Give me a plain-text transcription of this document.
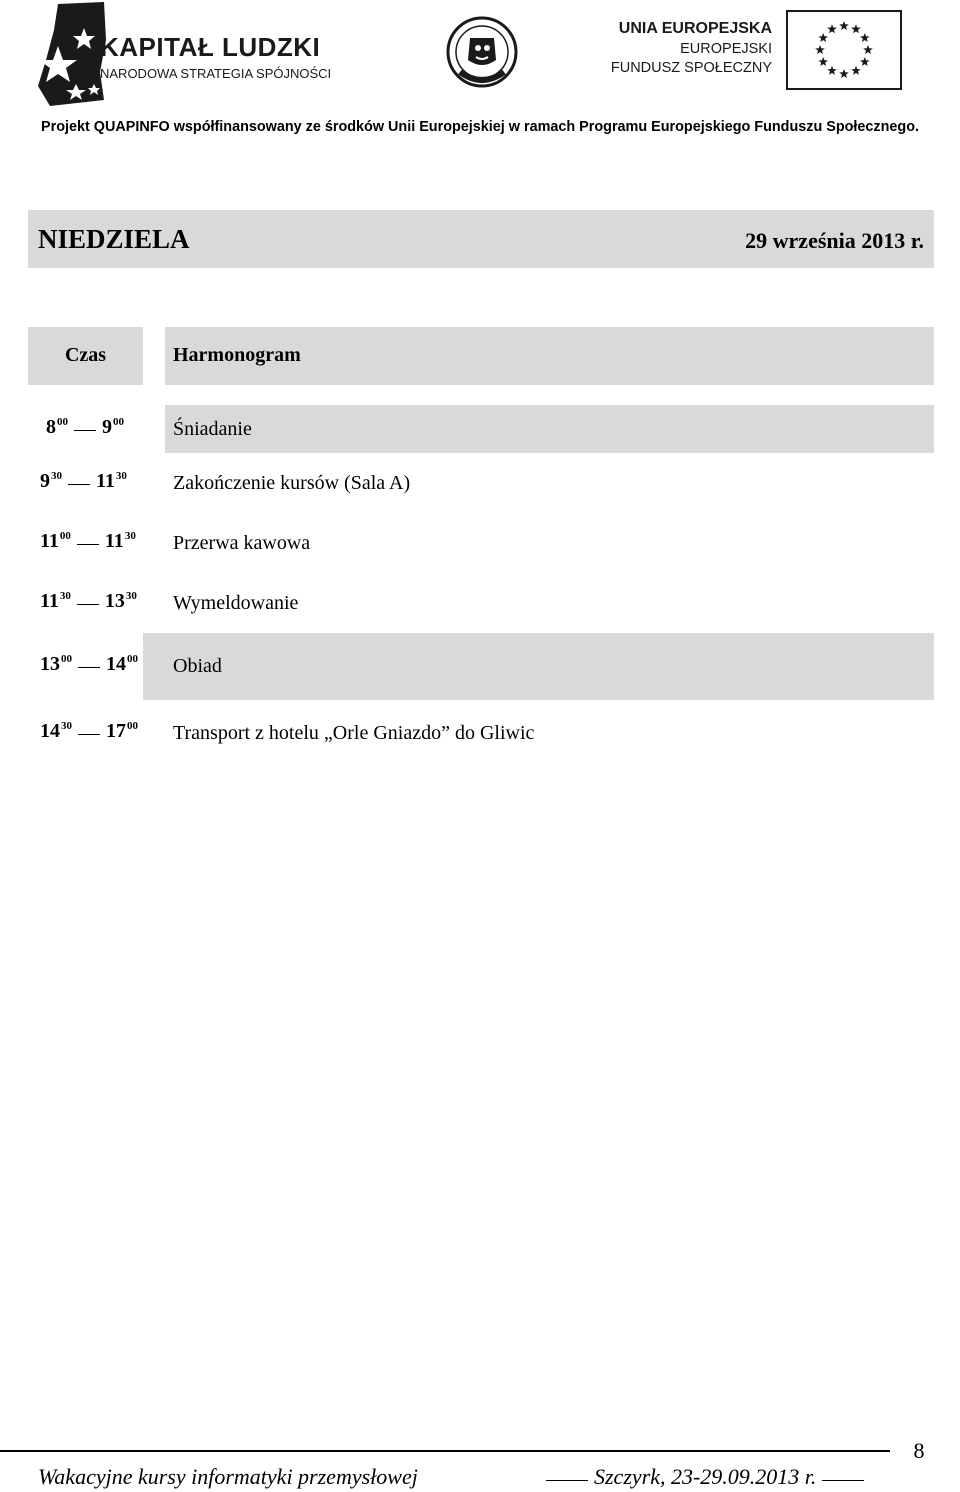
KAPITAŁ LUDZKI
NARODOWA STRATEGIA SPÓJNOŚCI
UNIA EUROPEJSKA
EUROPEJSKI
FUNDUSZ SPOŁECZNY
Projekt QUAPINFO współfinansowany ze środków Unii Europejskiej w ramach Programu Europejskiego Funduszu Społecznego.
NIEDZIELA	29 września 2013 r.
Czas	Harmonogram
$8^{00}$ $9^{00}$ Śniadanie
$9^{30}$ $11^{30}$ Zakończenie kursów (Sala A)
$11^{00}$ $11^{30}$ Przerwa kawowa
$11^{30}$ $13^{30}$ Wymeldowanie
$13^{00}$ $14^{00}$ Obiad
$14^{30}$ $17^{00}$ Transport z hotelu „Orle Gniazdo” do Gliwic
8
Wakacyjne kursy informatyki przemysłowej	Szczyrk, 23-29.09.2013 r.
